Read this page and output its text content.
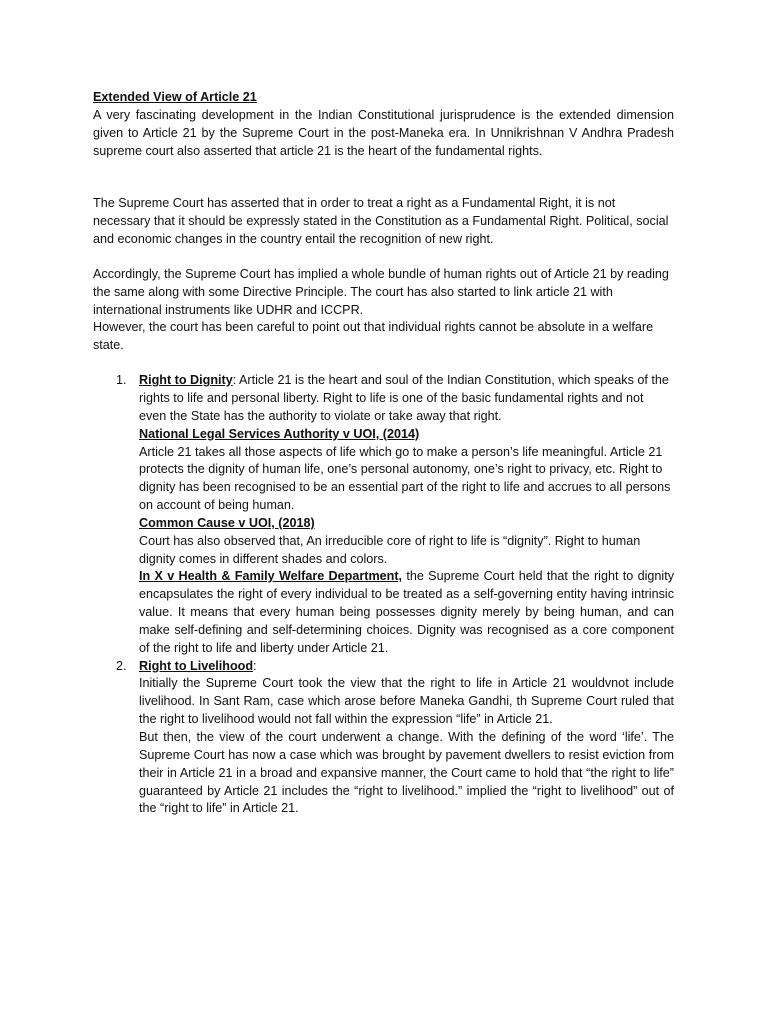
Extended View of Article 21

A very fascinating development in the Indian Constitutional jurisprudence is the extended dimension given to Article 21 by the Supreme Court in the post-Maneka era. In Unnikrishnan V Andhra Pradesh supreme court also asserted that article 21 is the heart of the fundamental rights.

The Supreme Court has asserted that in order to treat a right as a Fundamental Right, it is not necessary that it should be expressly stated in the Constitution as a Fundamental Right. Political, social and economic changes in the country entail the recognition of new right.

Accordingly, the Supreme Court has implied a whole bundle of human rights out of Article 21 by reading the same along with some Directive Principle. The court has also started to link article 21 with international instruments like UDHR and ICCPR.

However, the court has been careful to point out that individual rights cannot be absolute in a welfare state.

1. Right to Dignity: Article 21 is the heart and soul of the Indian Constitution, which speaks of the rights to life and personal liberty. Right to life is one of the basic fundamental rights and not even the State has the authority to violate or take away that right.

National Legal Services Authority v UOI, (2014)

Article 21 takes all those aspects of life which go to make a person’s life meaningful. Article 21 protects the dignity of human life, one’s personal autonomy, one’s right to privacy, etc. Right to dignity has been recognised to be an essential part of the right to life and accrues to all persons on account of being human.

Common Cause v UOI, (2018)

Court has also observed that, An irreducible core of right to life is “dignity”. Right to human dignity comes in different shades and colors.

In X v Health & Family Welfare Department, the Supreme Court held that the right to dignity encapsulates the right of every individual to be treated as a self-governing entity having intrinsic value. It means that every human being possesses dignity merely by being human, and can make self-defining and self-determining choices. Dignity was recognised as a core component of the right to life and liberty under Article 21.

2. Right to Livelihood:

Initially the Supreme Court took the view that the right to life in Article 21 wouldvnot include livelihood. In Sant Ram, case which arose before Maneka Gandhi, th Supreme Court ruled that the right to livelihood would not fall within the expression “life” in Article 21.

But then, the view of the court underwent a change. With the defining of the word ‘life’. The Supreme Court has now a case which was brought by pavement dwellers to resist eviction from their in Article 21 in a broad and expansive manner, the Court came to hold that “the right to life” guaranteed by Article 21 includes the “right to livelihood.” implied the “right to livelihood” out of the “right to life” in Article 21.
